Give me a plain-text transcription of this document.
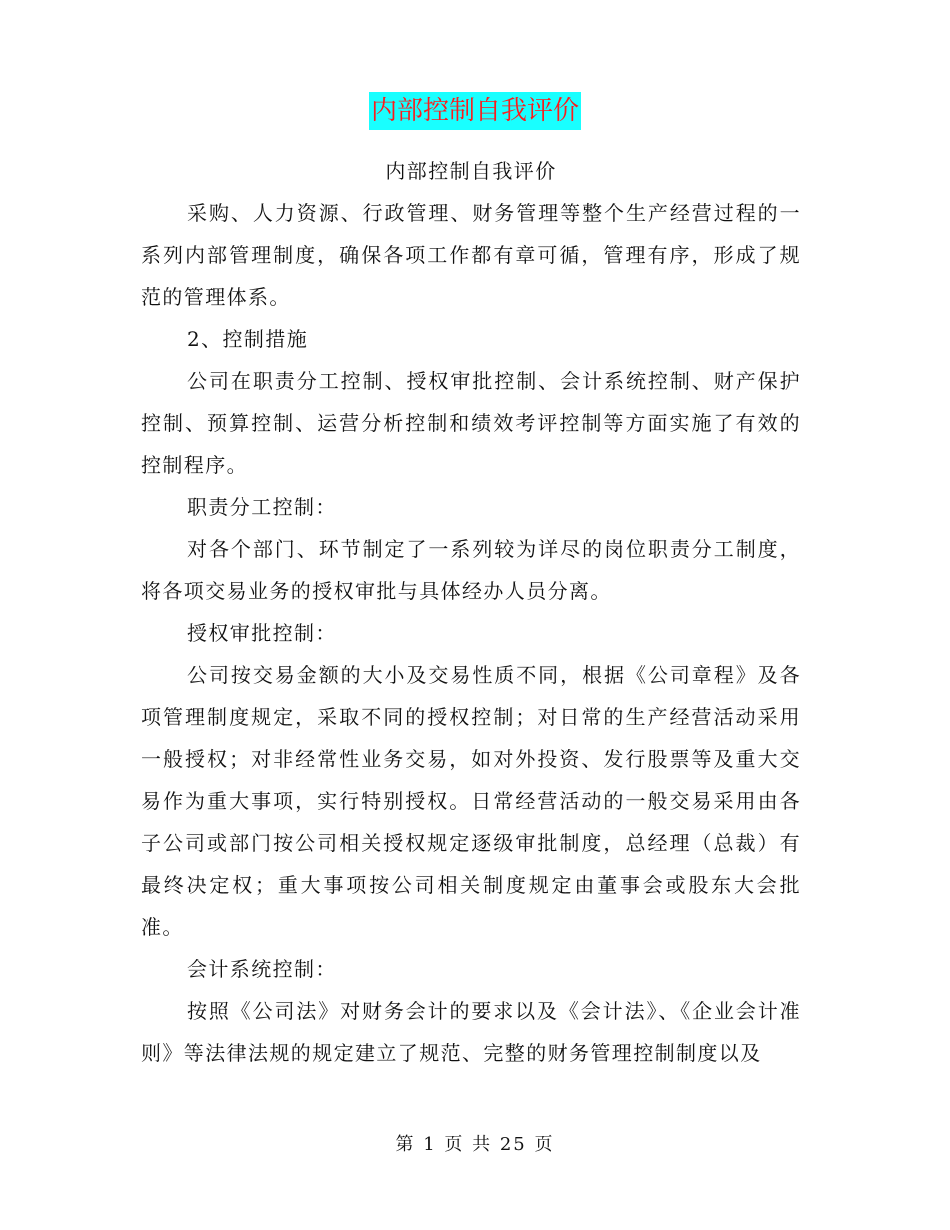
内部控制自我评价

内部控制自我评价

采购、人力资源、行政管理、财务管理等整个生产经营过程的一系列内部管理制度，确保各项工作都有章可循，管理有序，形成了规范的管理体系。

2、控制措施

公司在职责分工控制、授权审批控制、会计系统控制、财产保护控制、预算控制、运营分析控制和绩效考评控制等方面实施了有效的控制程序。

职责分工控制：

对各个部门、环节制定了一系列较为详尽的岗位职责分工制度，将各项交易业务的授权审批与具体经办人员分离。

授权审批控制：

公司按交易金额的大小及交易性质不同，根据《公司章程》及各项管理制度规定，采取不同的授权控制；对日常的生产经营活动采用一般授权；对非经常性业务交易，如对外投资、发行股票等及重大交易作为重大事项，实行特别授权。日常经营活动的一般交易采用由各子公司或部门按公司相关授权规定逐级审批制度，总经理（总裁）有最终决定权；重大事项按公司相关制度规定由董事会或股东大会批准。

会计系统控制：

按照《公司法》对财务会计的要求以及《会计法》、《企业会计准则》等法律法规的规定建立了规范、完整的财务管理控制制度以及

第 1 页 共 25 页
